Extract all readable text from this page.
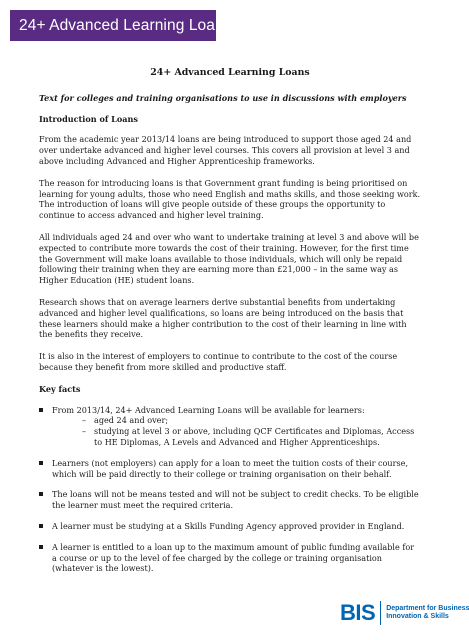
24+ Advanced Learning Loan
24+ Advanced Learning Loans
Text for colleges and training organisations to use in discussions with employers
Introduction of Loans

From the academic year 2013/14 loans are being introduced to support those aged 24 and over undertake advanced and higher level courses. This covers all provision at level 3 and above including Advanced and Higher Apprenticeship frameworks.

The reason for introducing loans is that Government grant funding is being prioritised on learning for young adults, those who need English and maths skills, and those seeking work. The introduction of loans will give people outside of these groups the opportunity to continue to access advanced and higher level training.

All individuals aged 24 and over who want to undertake training at level 3 and above will be expected to contribute more towards the cost of their training. However, for the first time the Government will make loans available to those individuals, which will only be repaid following their training when they are earning more than £21,000 – in the same way as Higher Education (HE) student loans.

Research shows that on average learners derive substantial benefits from undertaking advanced and higher level qualifications, so loans are being introduced on the basis that these learners should make a higher contribution to the cost of their learning in line with the benefits they receive.

It is also in the interest of employers to continue to contribute to the cost of the course because they benefit from more skilled and productive staff.

Key facts
From 2013/14, 24+ Advanced Learning Loans will be available for learners:
– aged 24 and over;
– studying at level 3 or above, including QCF Certificates and Diplomas, Access to HE Diplomas, A Levels and Advanced and Higher Apprenticeships.
Learners (not employers) can apply for a loan to meet the tuition costs of their course, which will be paid directly to their college or training organisation on their behalf.
The loans will not be means tested and will not be subject to credit checks. To be eligible the learner must meet the required criteria.
A learner must be studying at a Skills Funding Agency approved provider in England.
A learner is entitled to a loan up to the maximum amount of public funding available for a course or up to the level of fee charged by the college or training organisation (whatever is the lowest).
BIS Department for Business
Innovation & Skills
